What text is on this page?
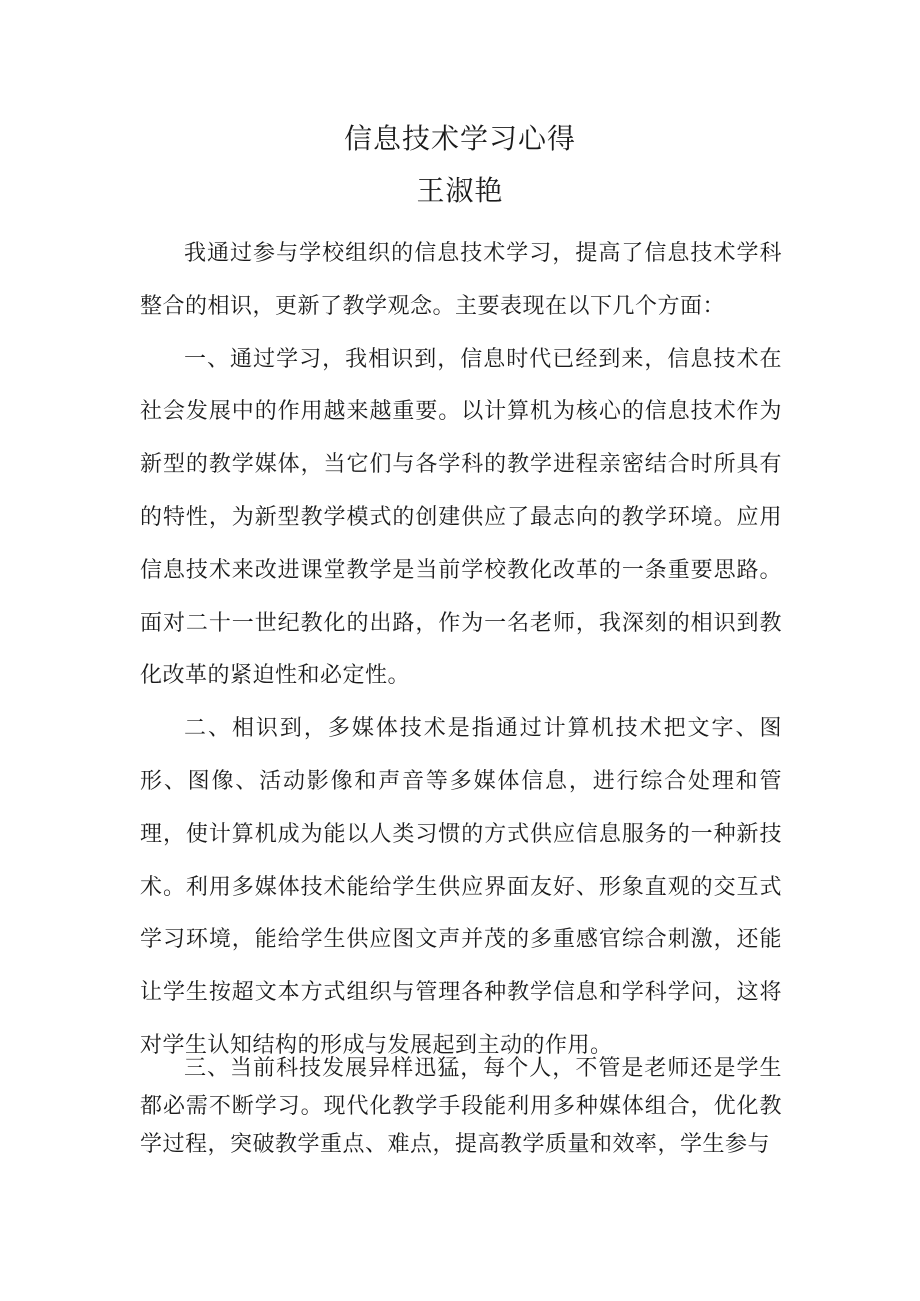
信息技术学习心得
王淑艳

我通过参与学校组织的信息技术学习，提高了信息技术学科整合的相识，更新了教学观念。主要表现在以下几个方面：

一、通过学习，我相识到，信息时代已经到来，信息技术在社会发展中的作用越来越重要。以计算机为核心的信息技术作为新型的教学媒体，当它们与各学科的教学进程亲密结合时所具有的特性，为新型教学模式的创建供应了最志向的教学环境。应用信息技术来改进课堂教学是当前学校教化改革的一条重要思路。面对二十一世纪教化的出路，作为一名老师，我深刻的相识到教化改革的紧迫性和必定性。

二、相识到，多媒体技术是指通过计算机技术把文字、图形、图像、活动影像和声音等多媒体信息，进行综合处理和管理，使计算机成为能以人类习惯的方式供应信息服务的一种新技术。利用多媒体技术能给学生供应界面友好、形象直观的交互式学习环境，能给学生供应图文声并茂的多重感官综合刺激，还能让学生按超文本方式组织与管理各种教学信息和学科学问，这将对学生认知结构的形成与发展起到主动的作用。

三、当前科技发展异样迅猛，每个人，不管是老师还是学生都必需不断学习。现代化教学手段能利用多种媒体组合，优化教学过程，突破教学重点、难点，提高教学质量和效率，学生参与
